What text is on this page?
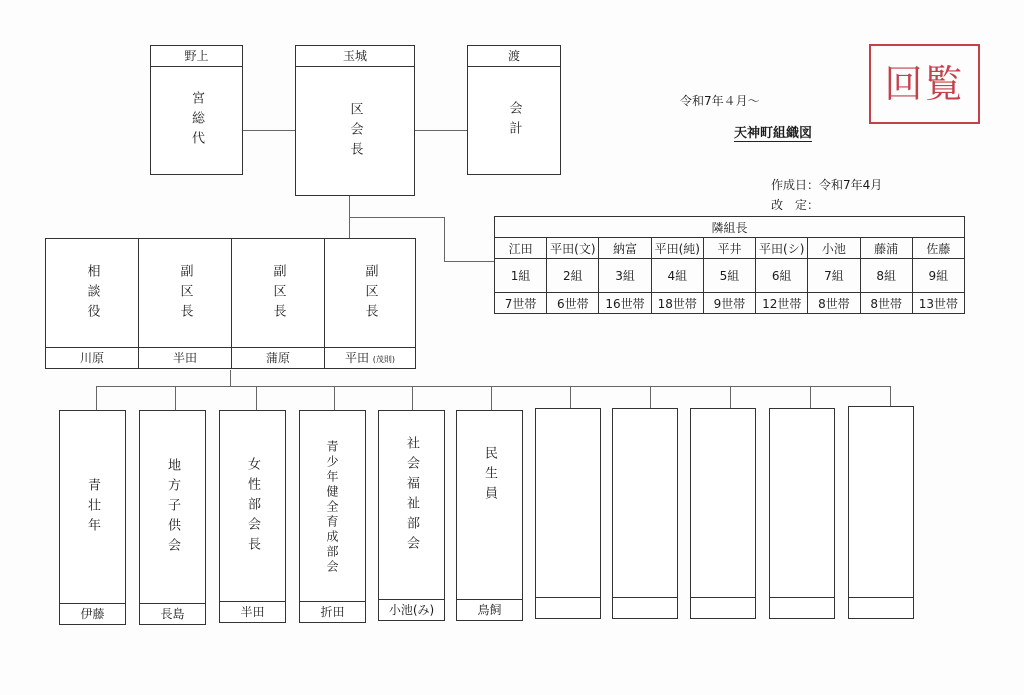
野上
宮総代
玉城
区会長
渡
会計	令和7年４月～
天神町組織図
作成日：令和7年4月
改　定：
回覧
隣組長								
江田	平田(文)	納富	平田(純)	平井	平田(シ)	小池	藤浦	佐藤
1組	2組	3組	4組	5組	6組	7組	8組	9組
7世帯	6世帯	16世帯	18世帯	9世帯	12世帯	8世帯	8世帯	13世帯
相談役
川原
副区長
半田
副区長
蒲原
副区長
平田 (茂則)
青壮年
伊藤
地方子供会
長島
女性部会長
半田
青少年健全育成部会
折田
社会福祉部会
小池(み)
民生員
鳥飼
